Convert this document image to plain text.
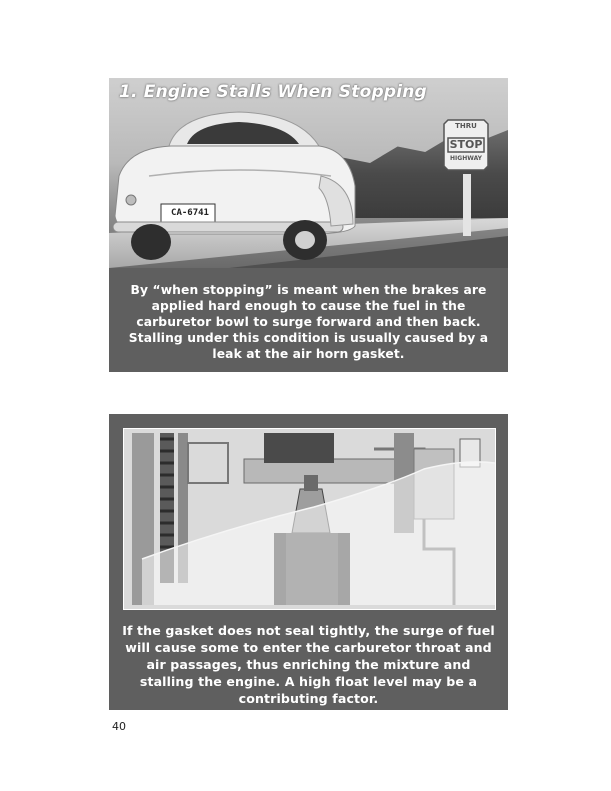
CA-6741
THRU
STOP
HIGHWAY
1. Engine Stalls When Stopping

By “when stopping” is meant when the brakes are applied hard enough to cause the fuel in the carburetor bowl to surge forward and then back. Stalling under this condition is usually caused by a leak at the air horn gasket.

If the gasket does not seal tightly, the surge of fuel will cause some to enter the carburetor throat and air passages, thus enriching the mixture and stalling the engine. A high float level may be a contributing factor.

40
